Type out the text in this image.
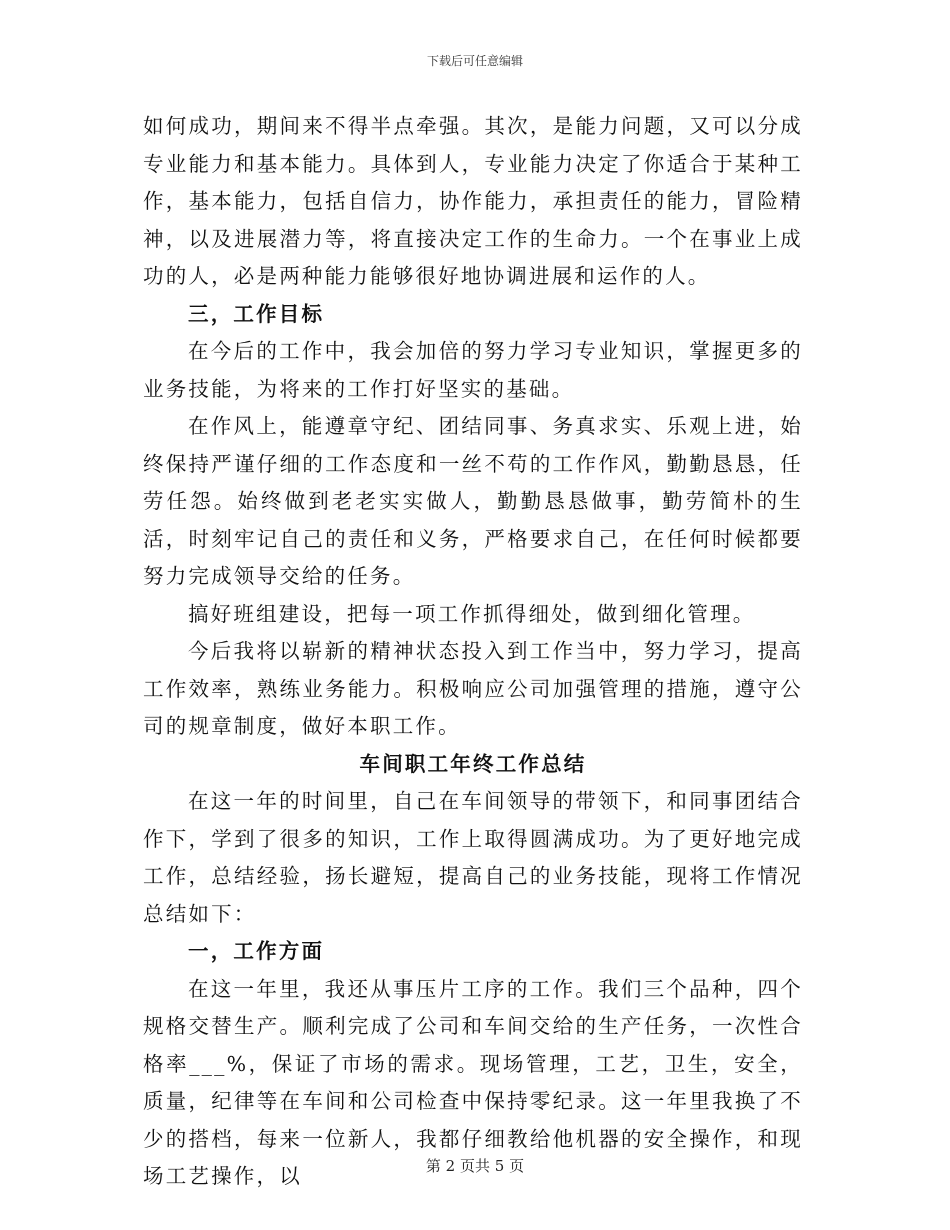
下载后可任意编辑

如何成功，期间来不得半点牵强。其次，是能力问题，又可以分成专业能力和基本能力。具体到人，专业能力决定了你适合于某种工作，基本能力，包括自信力，协作能力，承担责任的能力，冒险精神，以及进展潜力等，将直接决定工作的生命力。一个在事业上成功的人，必是两种能力能够很好地协调进展和运作的人。

三，工作目标

在今后的工作中，我会加倍的努力学习专业知识，掌握更多的业务技能，为将来的工作打好坚实的基础。

在作风上，能遵章守纪、团结同事、务真求实、乐观上进，始终保持严谨仔细的工作态度和一丝不苟的工作作风，勤勤恳恳，任劳任怨。始终做到老老实实做人，勤勤恳恳做事，勤劳简朴的生活，时刻牢记自己的责任和义务，严格要求自己，在任何时候都要努力完成领导交给的任务。

搞好班组建设，把每一项工作抓得细处，做到细化管理。

今后我将以崭新的精神状态投入到工作当中，努力学习，提高工作效率，熟练业务能力。积极响应公司加强管理的措施，遵守公司的规章制度，做好本职工作。

车间职工年终工作总结

在这一年的时间里，自己在车间领导的带领下，和同事团结合作下，学到了很多的知识，工作上取得圆满成功。为了更好地完成工作，总结经验，扬长避短，提高自己的业务技能，现将工作情况总结如下：

一，工作方面

在这一年里，我还从事压片工序的工作。我们三个品种，四个规格交替生产。顺利完成了公司和车间交给的生产任务，一次性合格率___%，保证了市场的需求。现场管理，工艺，卫生，安全，质量，纪律等在车间和公司检查中保持零纪录。这一年里我换了不少的搭档，每来一位新人，我都仔细教给他机器的安全操作，和现场工艺操作，以	第 2 页共 5 页
